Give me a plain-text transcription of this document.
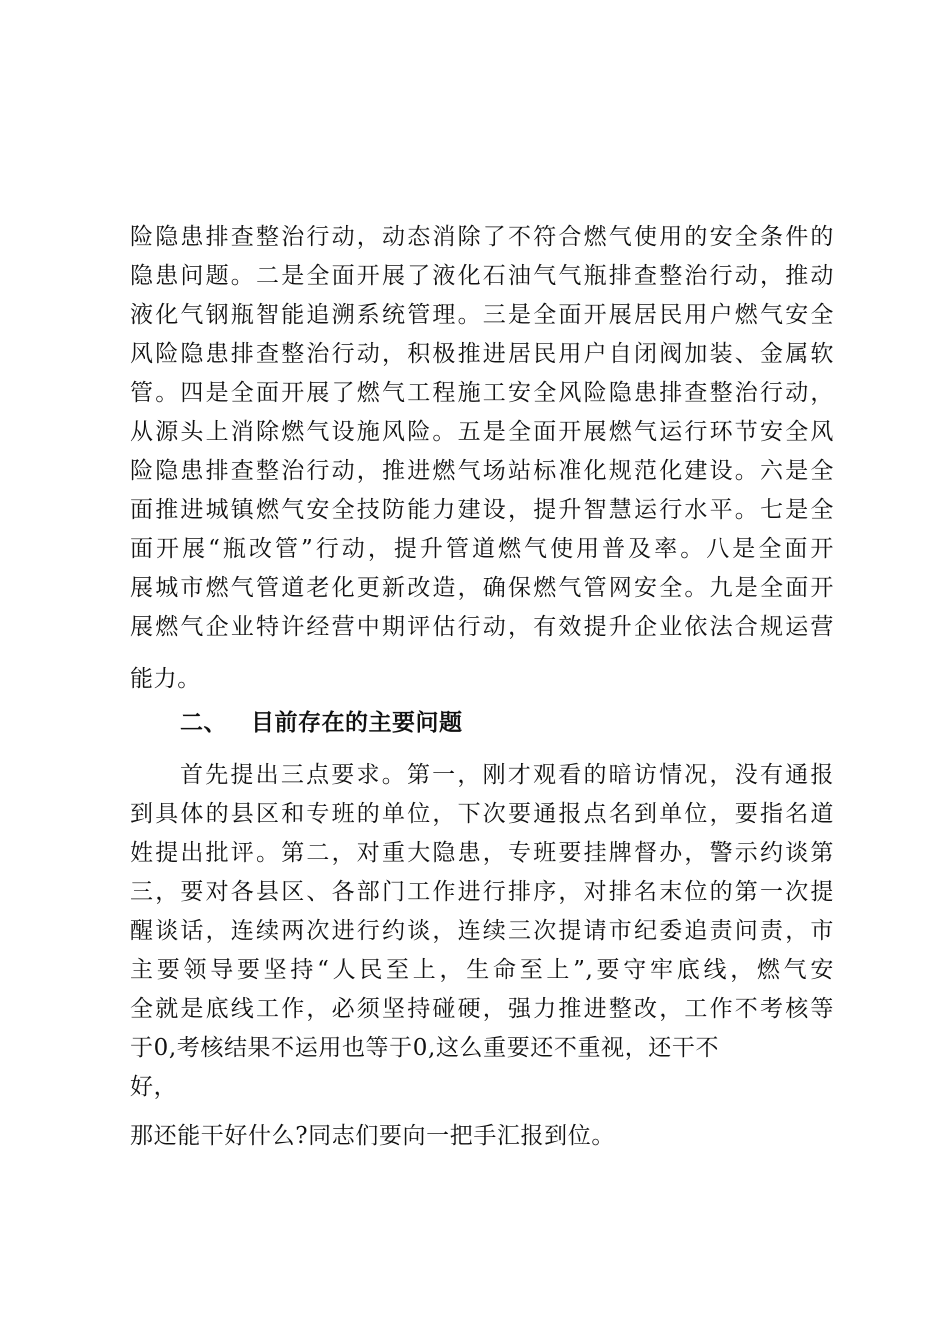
险隐患排查整治行动，动态消除了不符合燃气使用的安全条件的
隐患问题。二是全面开展了液化石油气气瓶排查整治行动，推动
液化气钢瓶智能追溯系统管理。三是全面开展居民用户燃气安全
风险隐患排查整治行动，积极推进居民用户自闭阀加装、金属软
管。四是全面开展了燃气工程施工安全风险隐患排查整治行动，
从源头上消除燃气设施风险。五是全面开展燃气运行环节安全风
险隐患排查整治行动，推进燃气场站标准化规范化建设。六是全
面推进城镇燃气安全技防能力建设，提升智慧运行水平。七是全
面开展“瓶改管”行动，提升管道燃气使用普及率。八是全面开
展城市燃气管道老化更新改造，确保燃气管网安全。九是全面开
展燃气企业特许经营中期评估行动，有效提升企业依法合规运营
能力。
二、 目前存在的主要问题
首先提出三点要求。第一，刚才观看的暗访情况，没有通报
到具体的县区和专班的单位，下次要通报点名到单位，要指名道
姓提出批评。第二，对重大隐患，专班要挂牌督办，警示约谈第
三，要对各县区、各部门工作进行排序，对排名末位的第一次提
醒谈话，连续两次进行约谈，连续三次提请市纪委追责问责，市
主要领导要坚持“人民至上，生命至上”,要守牢底线，燃气安
全就是底线工作，必须坚持碰硬，强力推进整改，工作不考核等
于0,考核结果不运用也等于0,这么重要还不重视，还干不
好，
那还能干好什么?同志们要向一把手汇报到位。
